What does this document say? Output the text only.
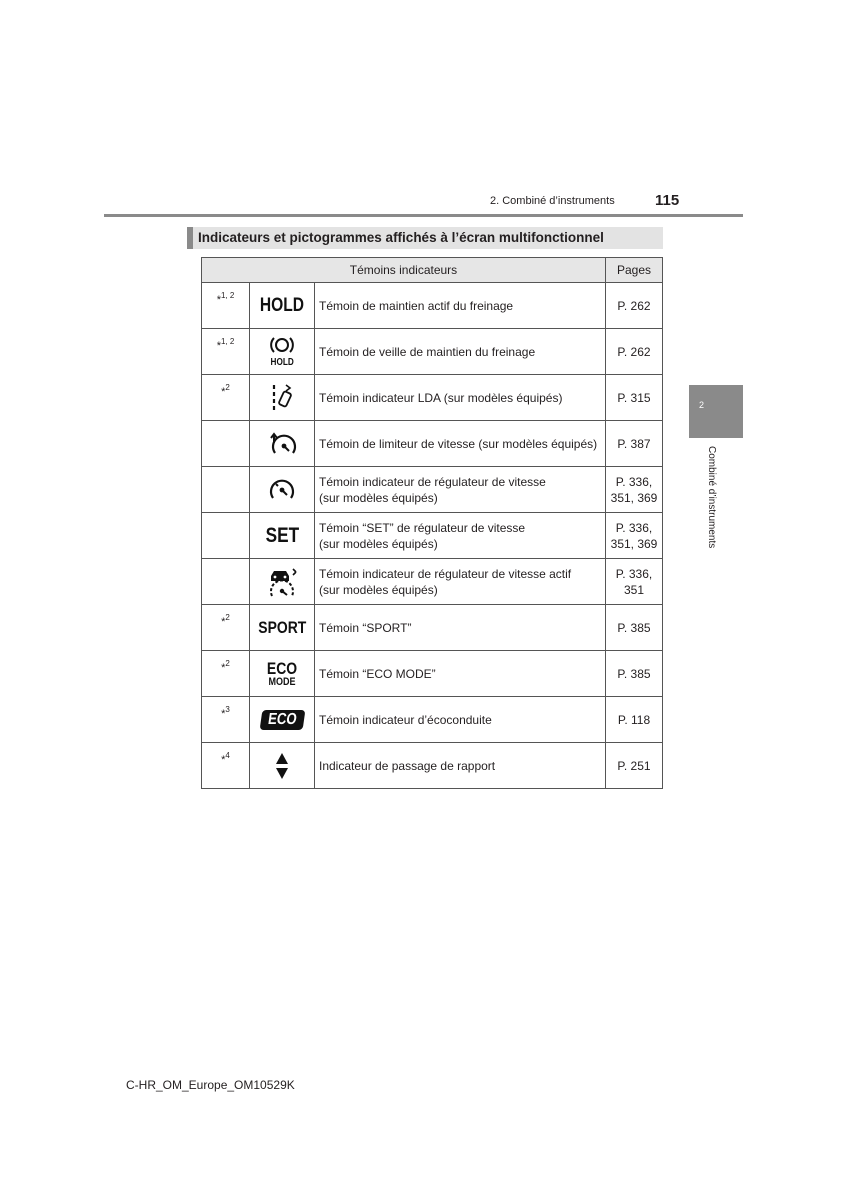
2. Combiné d’instruments	115
2
Combiné d’instruments
Indicateurs et pictogrammes affichés à l’écran multifonctionnel
Témoins indicateurs			Pages

*$^{1, 2}$	HOLD	Témoin de maintien actif du freinage	P. 262

*$^{1, 2}$	HOLD	Témoin de veille de maintien du freinage	P. 262

*$^2$		Témoin indicateur LDA (sur modèles équipés)	P. 315

Témoin de limiteur de vitesse (sur modèles équipés)	P. 387

Témoin indicateur de régulateur de vitesse
(sur modèles équipés)	P. 336,
351, 369

	SET	Témoin “SET” de régulateur de vitesse
(sur modèles équipés)	P. 336,
351, 369

Témoin indicateur de régulateur de vitesse actif
(sur modèles équipés)	P. 336,
351

*$^2$	SPORT	Témoin “SPORT”	P. 385

*$^2$	ECO
MODE	Témoin “ECO MODE”	P. 385

*$^3$	ECO	Témoin indicateur d’écoconduite	P. 118

*$^4$		Indicateur de passage de rapport	P. 251
C-HR_OM_Europe_OM10529K
